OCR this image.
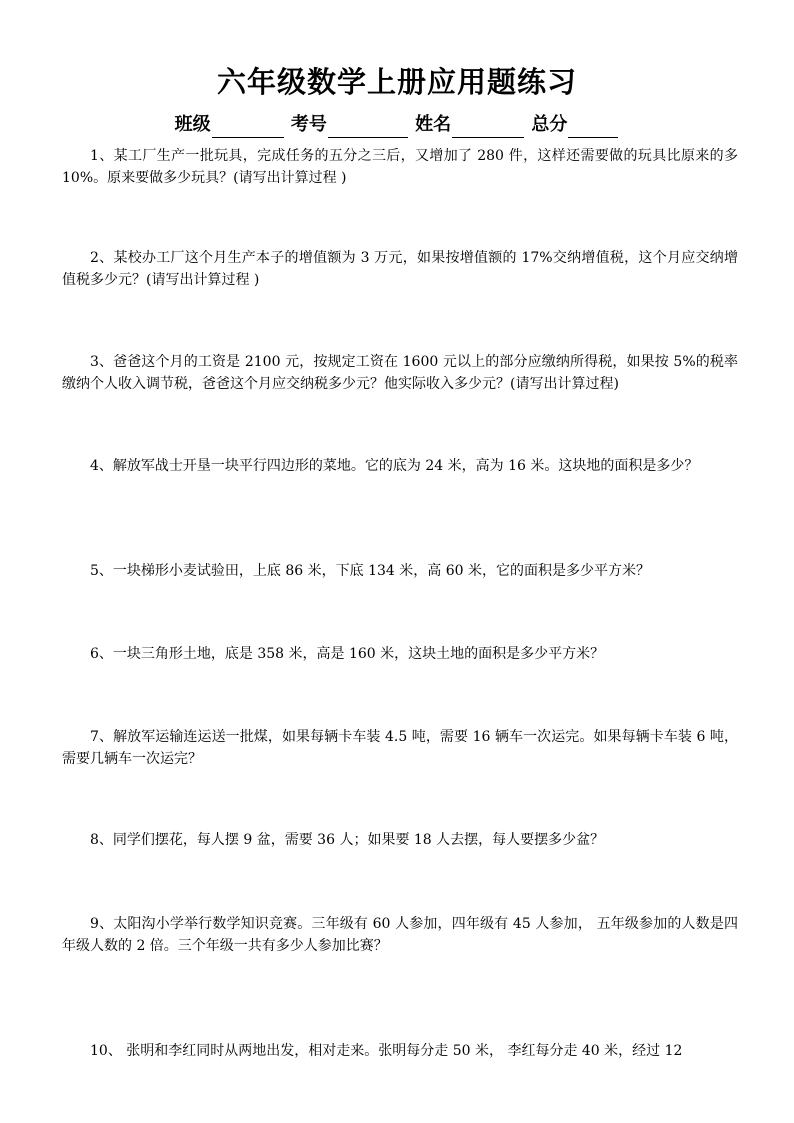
六年级数学上册应用题练习
班级
	考号
	姓名
	总分

1、某工厂生产一批玩具，完成任务的五分之三后，又增加了 280 件，这样还需要做的玩具比原来的多 10%。原来要做多少玩具？(请写出计算过程 )

2、某校办工厂这个月生产本子的增值额为 3 万元，如果按增值额的 17%交纳增值税，这个月应交纳增值税多少元？(请写出计算过程 )

3、爸爸这个月的工资是 2100 元，按规定工资在 1600 元以上的部分应缴纳所得税，如果按 5%的税率缴纳个人收入调节税，爸爸这个月应交纳税多少元？他实际收入多少元？(请写出计算过程)

4、解放军战士开垦一块平行四边形的菜地。它的底为 24 米，高为 16 米。这块地的面积是多少？

5、一块梯形小麦试验田，上底 86 米，下底 134 米，高 60 米，它的面积是多少平方米？

6、一块三角形土地，底是 358 米，高是 160 米，这块土地的面积是多少平方米？

7、解放军运输连运送一批煤，如果每辆卡车装 4.5 吨，需要 16 辆车一次运完。如果每辆卡车装 6 吨，需要几辆车一次运完？

8、同学们摆花，每人摆 9 盆，需要 36 人；如果要 18 人去摆，每人要摆多少盆？

9、太阳沟小学举行数学知识竞赛。三年级有 60 人参加，四年级有 45 人参加， 五年级参加的人数是四年级人数的 2 倍。三个年级一共有多少人参加比赛？

10、 张明和李红同时从两地出发，相对走来。张明每分走 50 米， 李红每分走 40 米，经过 12
